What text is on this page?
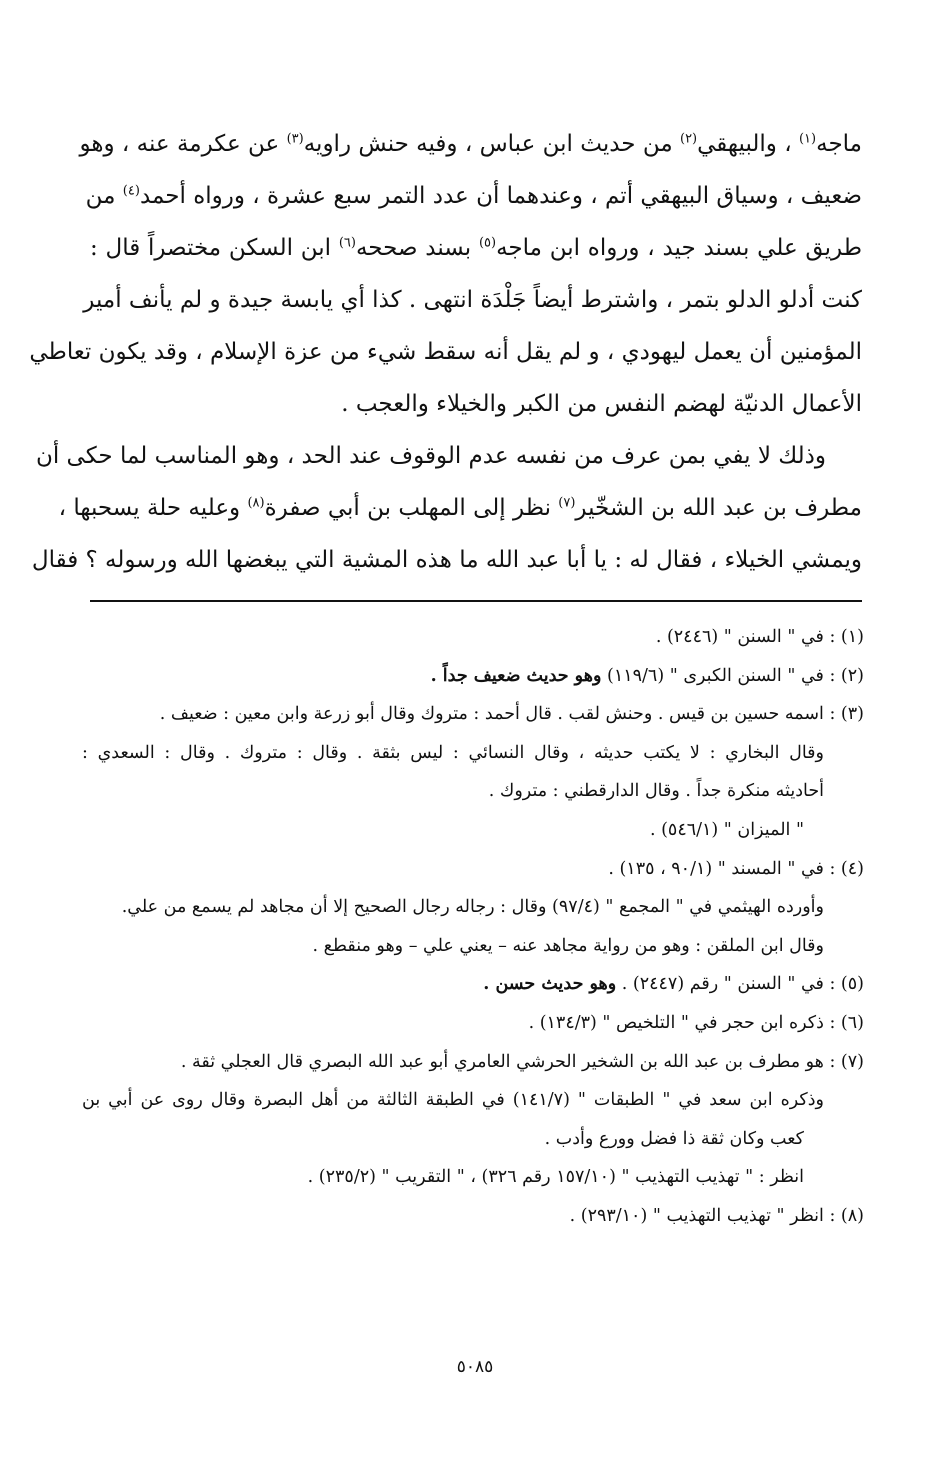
ماجه$^{(١)}$ ، والبيهقي$^{(٢)}$ من حديث ابن عباس ، وفيه حنش راويه$^{(٣)}$ عن عكرمة عنه ، وهو
ضعيف ، وسياق البيهقي أتم ، وعندهما أن عدد التمر سبع عشرة ، ورواه أحمد$^{(٤)}$ من
طريق علي بسند جيد ، ورواه ابن ماجه$^{(٥)}$ بسند صححه$^{(٦)}$ ابن السكن مختصراً قال :
كنت أدلو الدلو بتمر ، واشترط أيضاً جَلْدَة انتهى . كذا أي يابسة جيدة و لم يأنف أمير
المؤمنين أن يعمل ليهودي ، و لم يقل أنه سقط شيء من عزة الإسلام ، وقد يكون تعاطي
الأعمال الدنيّة لهضم النفس من الكبر والخيلاء والعجب .
وذلك لا يفي بمن عرف من نفسه عدم الوقوف عند الحد ، وهو المناسب لما حكى أن
مطرف بن عبد الله بن الشخّير$^{(٧)}$ نظر إلى المهلب بن أبي صفرة$^{(٨)}$ وعليه حلة يسحبها ،
ويمشي الخيلاء ، فقال له : يا أبا عبد الله ما هذه المشية التي يبغضها الله ورسوله ؟ فقال
(١) : في " السنن " (٢٤٤٦) .
(٢) : في " السنن الكبرى " (١١٩/٦) وهو حديث ضعيف جداً .
(٣) : اسمه حسين بن قيس . وحنش لقب . قال أحمد : متروك وقال أبو زرعة وابن معين : ضعيف .
وقال البخاري : لا يكتب حديثه ، وقال النسائي : ليس بثقة . وقال : متروك . وقال : السعدي :
أحاديثه منكرة جداً . وقال الدارقطني : متروك .
" الميزان " (٥٤٦/١) .
(٤) : في " المسند " (٩٠/١ ، ١٣٥) .
وأورده الهيثمي في " المجمع " (٩٧/٤) وقال : رجاله رجال الصحيح إلا أن مجاهد لم يسمع من علي.
وقال ابن الملقن : وهو من رواية مجاهد عنه – يعني علي – وهو منقطع .
(٥) : في " السنن " رقم (٢٤٤٧) . وهو حديث حسن .
(٦) : ذكره ابن حجر في " التلخيص " (١٣٤/٣) .
(٧) : هو مطرف بن عبد الله بن الشخير الحرشي العامري أبو عبد الله البصري قال العجلي ثقة .
وذكره ابن سعد في " الطبقات " (١٤١/٧) في الطبقة الثالثة من أهل البصرة وقال روى عن أبي بن
كعب وكان ثقة ذا فضل وورع وأدب .
انظر : " تهذيب التهذيب " (١٥٧/١٠ رقم ٣٢٦) ، " التقريب " (٢٣٥/٢) .
(٨) : انظر " تهذيب التهذيب " (٢٩٣/١٠) .
٥٠٨٥
